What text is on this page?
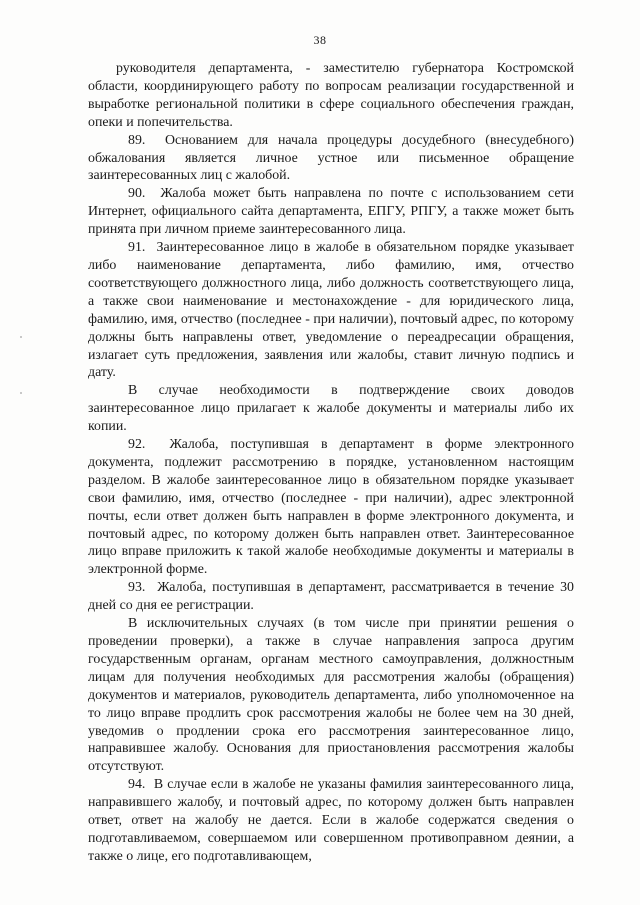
38

руководителя департамента, - заместителю губернатора Костромской области, координирующего работу по вопросам реализации государственной и выработке региональной политики в сфере социального обеспечения граждан, опеки и попечительства.

89. Основанием для начала процедуры досудебного (внесудебного) обжалования является личное устное или письменное обращение заинтересованных лиц с жалобой.

90. Жалоба может быть направлена по почте с использованием сети Интернет, официального сайта департамента, ЕПГУ, РПГУ, а также может быть принята при личном приеме заинтересованного лица.

91. Заинтересованное лицо в жалобе в обязательном порядке указывает либо наименование департамента, либо фамилию, имя, отчество соответствующего должностного лица, либо должность соответствующего лица, а также свои наименование и местонахождение - для юридического лица, фамилию, имя, отчество (последнее - при наличии), почтовый адрес, по которому должны быть направлены ответ, уведомление о переадресации обращения, излагает суть предложения, заявления или жалобы, ставит личную подпись и дату.

В случае необходимости в подтверждение своих доводов заинтересованное лицо прилагает к жалобе документы и материалы либо их копии.

92. Жалоба, поступившая в департамент в форме электронного документа, подлежит рассмотрению в порядке, установленном настоящим разделом. В жалобе заинтересованное лицо в обязательном порядке указывает свои фамилию, имя, отчество (последнее - при наличии), адрес электронной почты, если ответ должен быть направлен в форме электронного документа, и почтовый адрес, по которому должен быть направлен ответ. Заинтересованное лицо вправе приложить к такой жалобе необходимые документы и материалы в электронной форме.

93. Жалоба, поступившая в департамент, рассматривается в течение 30 дней со дня ее регистрации.

В исключительных случаях (в том числе при принятии решения о проведении проверки), а также в случае направления запроса другим государственным органам, органам местного самоуправления, должностным лицам для получения необходимых для рассмотрения жалобы (обращения) документов и материалов, руководитель департамента, либо уполномоченное на то лицо вправе продлить срок рассмотрения жалобы не более чем на 30 дней, уведомив о продлении срока его рассмотрения заинтересованное лицо, направившее жалобу. Основания для приостановления рассмотрения жалобы отсутствуют.

94. В случае если в жалобе не указаны фамилия заинтересованного лица, направившего жалобу, и почтовый адрес, по которому должен быть направлен ответ, ответ на жалобу не дается. Если в жалобе содержатся сведения о подготавливаемом, совершаемом или совершенном противоправном деянии, а также о лице, его подготавливающем,
